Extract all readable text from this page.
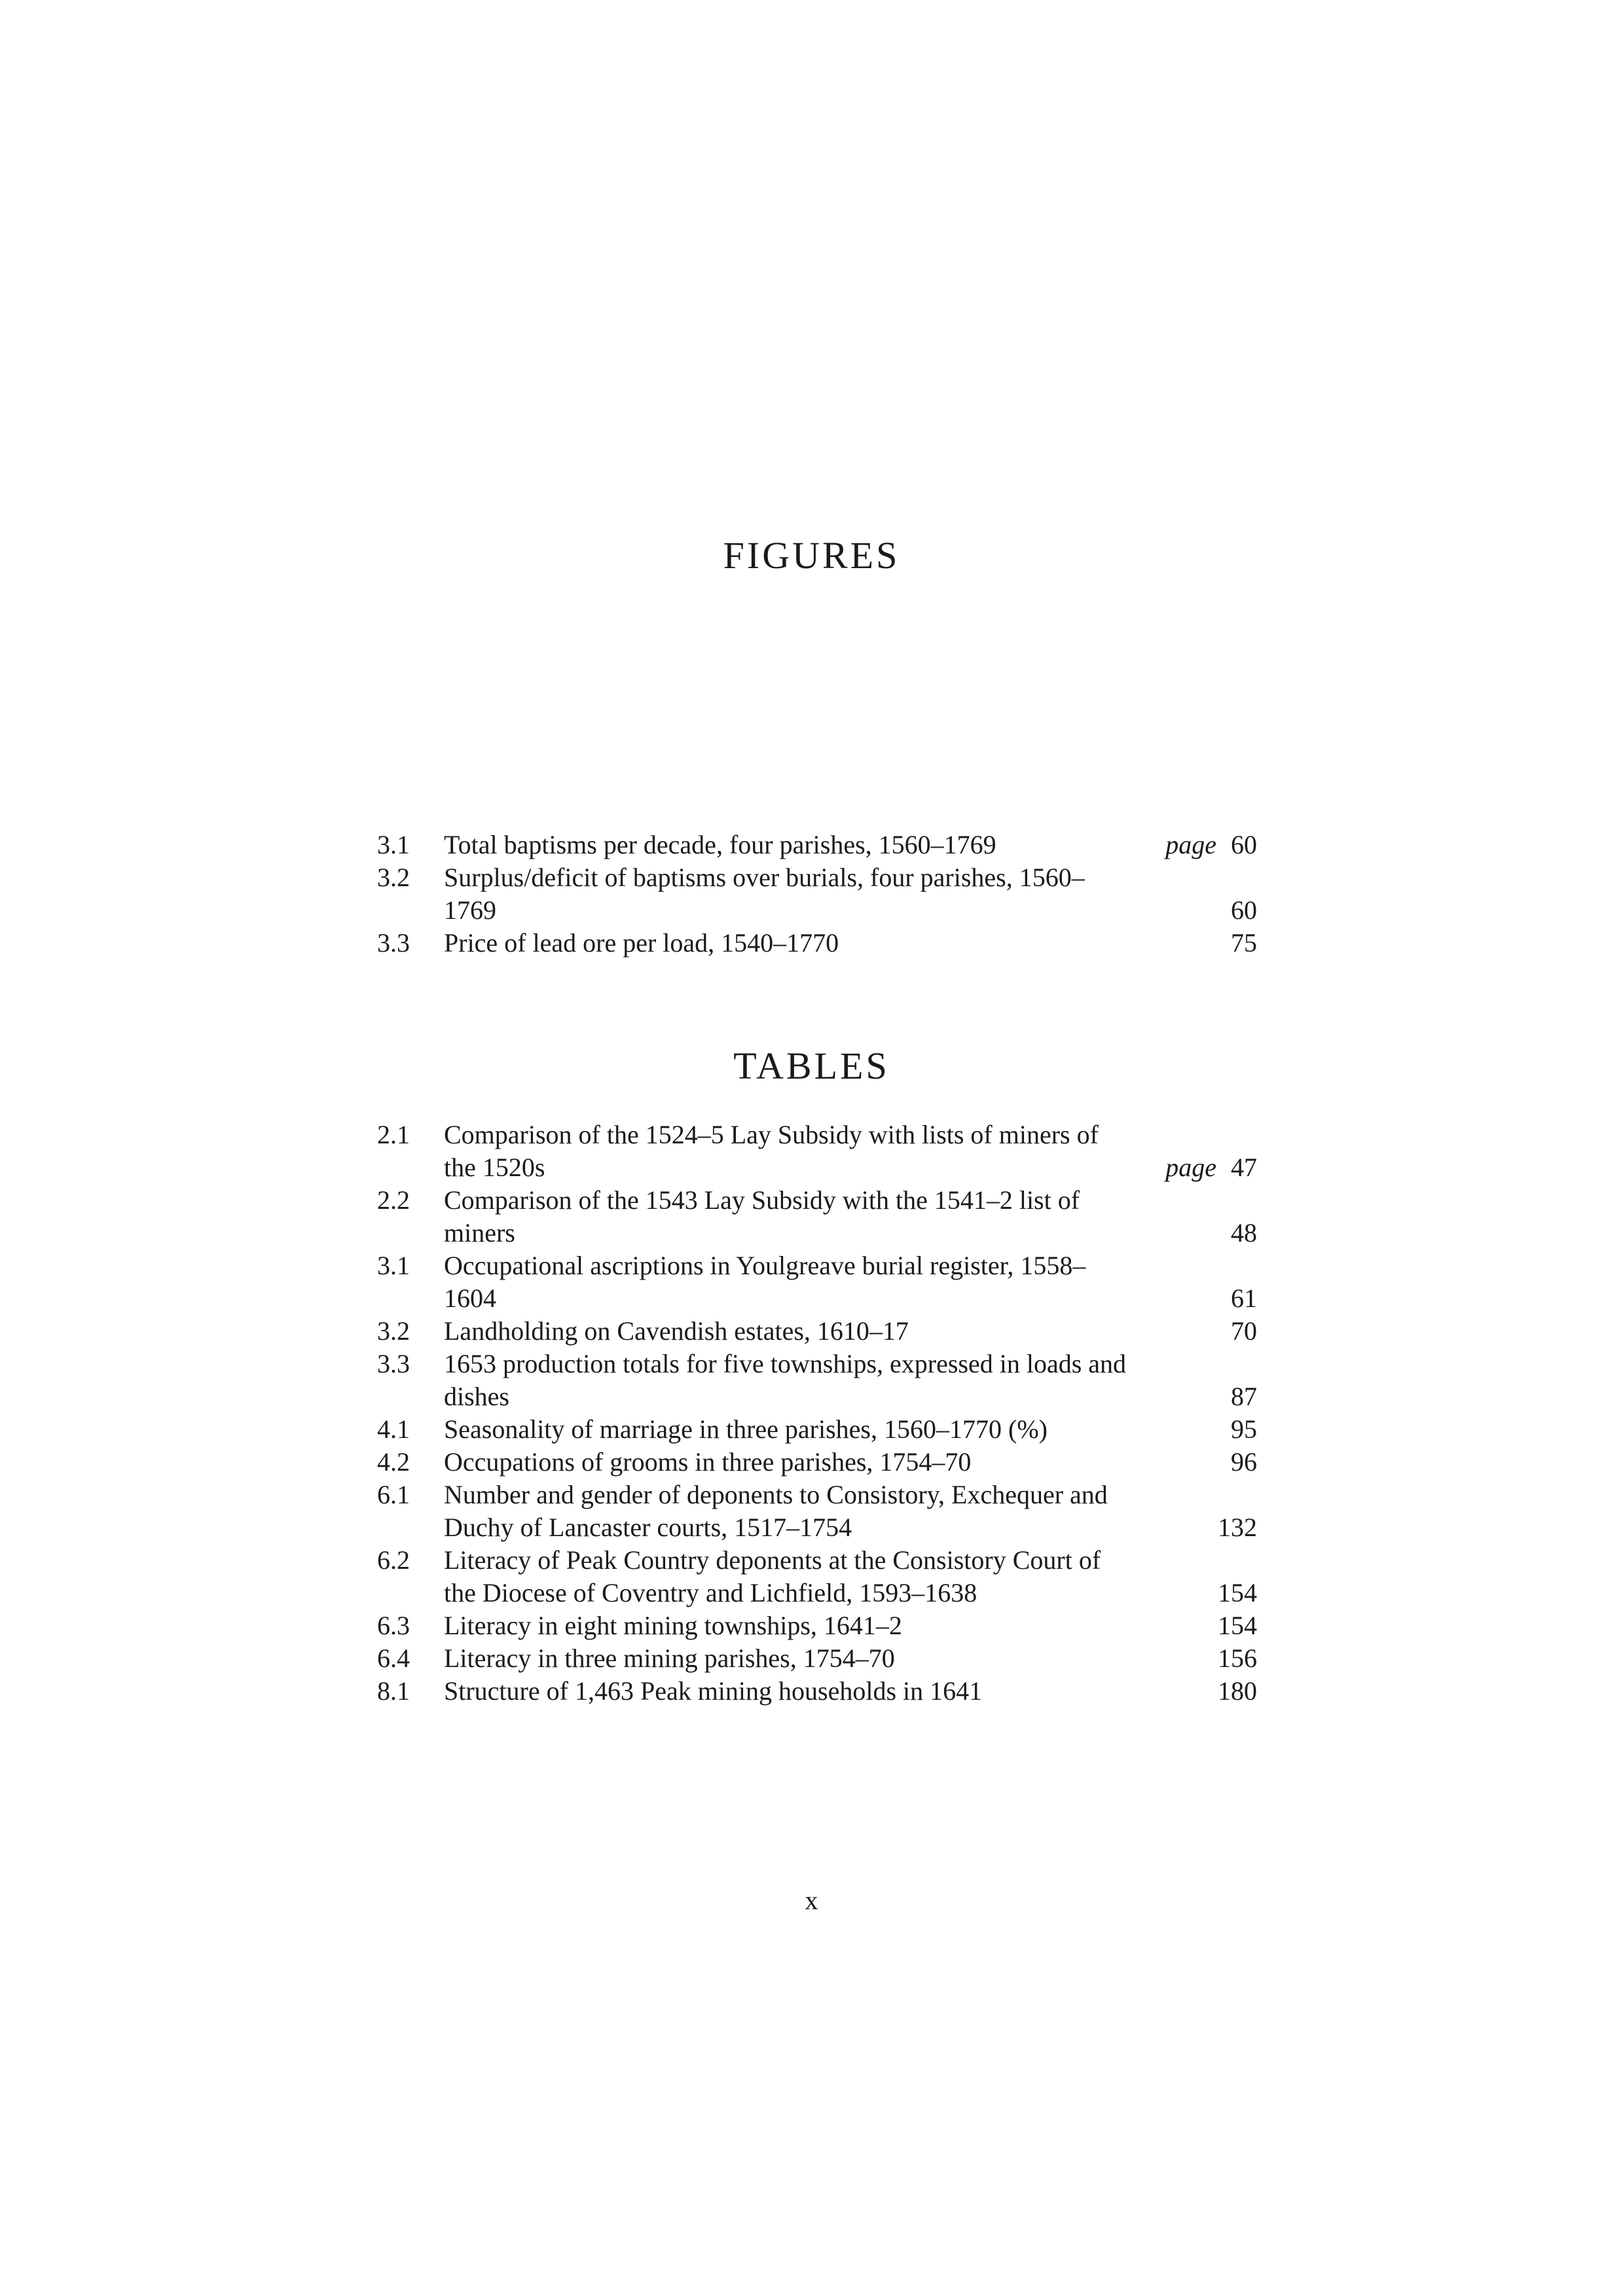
FIGURES
3.1	Total baptisms per decade, four parishes, 1560–1769	page 60
3.2	Surplus/deficit of baptisms over burials, four parishes, 1560–1769	60
3.3	Price of lead ore per load, 1540–1770	75
TABLES
2.1	Comparison of the 1524–5 Lay Subsidy with lists of miners of the 1520s	page 47
2.2	Comparison of the 1543 Lay Subsidy with the 1541–2 list of miners	48
3.1	Occupational ascriptions in Youlgreave burial register, 1558–1604	61
3.2	Landholding on Cavendish estates, 1610–17	70
3.3	1653 production totals for five townships, expressed in loads and dishes	87
4.1	Seasonality of marriage in three parishes, 1560–1770 (%)	95
4.2	Occupations of grooms in three parishes, 1754–70	96
6.1	Number and gender of deponents to Consistory, Exchequer and Duchy of Lancaster courts, 1517–1754	132
6.2	Literacy of Peak Country deponents at the Consistory Court of the Diocese of Coventry and Lichfield, 1593–1638	154
6.3	Literacy in eight mining townships, 1641–2	154
6.4	Literacy in three mining parishes, 1754–70	156
8.1	Structure of 1,463 Peak mining households in 1641	180
x
